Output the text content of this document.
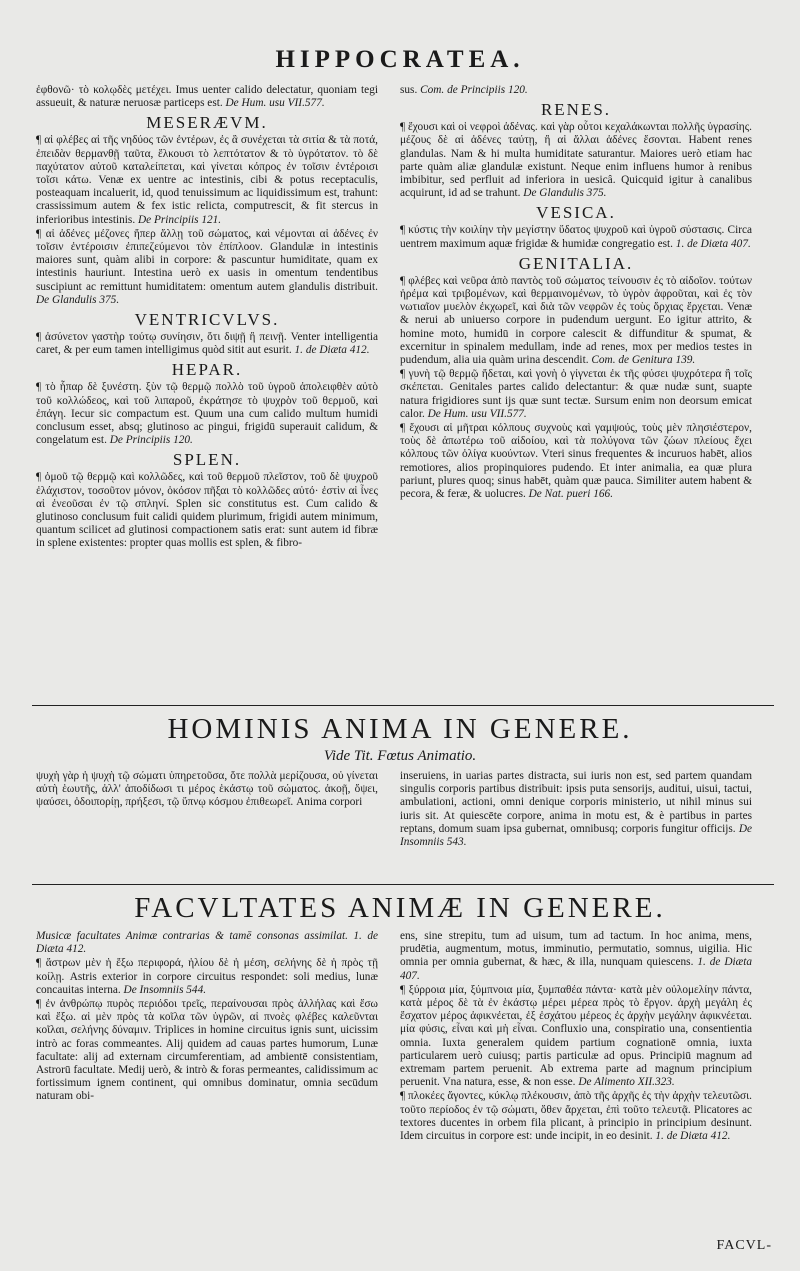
HIPPOCRATEA.

ἐφθονῶ· τὸ κολῳδὲς μετέχει. Imus uenter calido delectatur, quoniam tegi assueuit, & naturæ neruosæ particeps est. De Hum. usu VII.577.

MESERÆVM.

¶ αἱ φλέβες αἱ τῆς νηδύος τῶν ἐντέρων, ἐς ἃ συνέχεται τὰ σιτία & τὰ ποτά, ἐπειδὰν θερμανθῇ ταῦτα, ἕλκουσι τὸ λεπτότατον & τὸ ὑγρότατον. τὸ δὲ παχύτατον αὐτοῦ καταλείπεται, καὶ γίνεται κόπρος ἐν τοῖσιν ἐντέροισι τοῖσι κάτω. Venæ ex uentre ac intestinis, cibi & potus receptaculis, posteaquam incaluerit, id, quod tenuissimum ac liquidissimum est, trahunt: crassissimum autem & fex istic relicta, computrescit, & fit stercus in inferioribus intestinis. De Principiis 121.

¶ αἱ ἀδένες μέζονες ἤπερ ἄλλῃ τοῦ σώματος, καὶ νέμονται αἱ ἀδένες ἐν τοῖσιν ἐντέροισιν ἐπιπεζεύμενοι τὸν ἐπίπλοον. Glandulæ in intestinis maiores sunt, quàm alibi in corpore: & pascuntur humiditate, quam ex intestinis hauriunt. Intestina uerò ex uasis in omentum tendentibus suscipiunt ac remittunt humiditatem: omentum autem glandulis distribuit. De Glandulis 375.

VENTRICVLVS.

¶ ἀσύνετον γαστὴρ τούτῳ συνίησιν, ὅτι διψῇ ἢ πεινῇ. Venter intelligentia caret, & per eum tamen intelligimus quòd sitit aut esurit. 1. de Diæta 412.

HEPAR.

¶ τὸ ἧπαρ δὲ ξυνέστη. ξὺν τῷ θερμῷ πολλὸ τοῦ ὑγροῦ ἀπολειφθὲν αὐτὸ τοῦ κολλώδεος, καὶ τοῦ λιπαροῦ, ἐκράτησε τὸ ψυχρὸν τοῦ θερμοῦ, καὶ ἐπάγη. Iecur sic compactum est. Quum una cum calido multum humidi conclusum esset, absq; glutinoso ac pingui, frigidū superauit calidum, & congelatum est. De Principiis 120.

SPLEN.

¶ ὁμοῦ τῷ θερμῷ καὶ κολλῶδες, καὶ τοῦ θερμοῦ πλεῖστον, τοῦ δὲ ψυχροῦ ἐλάχιστον, τοσοῦτον μόνον, ὁκόσον πῆξαι τὸ κολλῶδες αὐτό· ἐστὶν αἱ ἶνες αἱ ἐνεοῦσαι ἐν τῷ σπληνί. Splen sic constitutus est. Cum calido & glutinoso conclusum fuit calidi quidem plurimum, frigidi autem minimum, quantum scilicet ad glutinosi compactionem satis erat: sunt autem id fibræ in splene existentes: propter quas mollis est splen, & fibro-

sus. Com. de Principiis 120.

RENES.

¶ ἔχουσι καὶ οἱ νεφροὶ ἀδένας. καὶ γὰρ οὗτοι κεχαλάκωνται πολλῆς ὑγρασίης. μέζους δὲ αἱ ἀδένες ταύτῃ, ἢ αἱ ἄλλαι ἀδένες ἔσονται. Habent renes glandulas. Nam & hi multa humiditate saturantur. Maiores uerò etiam hac parte quàm aliæ glandulæ existunt. Neque enim influens humor à renibus imbibitur, sed perfluit ad inferiora in uesicâ. Quicquid igitur à canalibus acquirunt, id ad se trahunt. De Glandulis 375.

VESICA.

¶ κύστις τὴν κοιλίην τὴν μεγίστην ὕδατος ψυχροῦ καὶ ὑγροῦ σύστασις. Circa uentrem maximum aquæ frigidæ & humidæ congregatio est. 1. de Diæta 407.

GENITALIA.

¶ φλέβες καὶ νεῦρα ἀπὸ παντὸς τοῦ σώματος τείνουσιν ἐς τὸ αἰδοῖον. τούτων ἠρέμα καὶ τριβομένων, καὶ θερμαινομένων, τὸ ὑγρὸν ἀφροῦται, καὶ ἐς τὸν νωτιαῖον μυελὸν ἐκχωρεῖ, καὶ διὰ τῶν νεφρῶν ἐς τοὺς ὄρχιας ἔρχεται. Venæ & nerui ab uniuerso corpore in pudendum uergunt. Eo igitur attrito, & homine moto, humidū in corpore calescit & diffunditur & spumat, & excernitur in spinalem medullam, inde ad renes, mox per medios testes in pudendum, alia uia quàm urina descendit. Com. de Genitura 139.

¶ γυνὴ τῷ θερμῷ ἥδεται, καὶ γονὴ ὁ γίγνεται ἐκ τῆς φύσει ψυχρότερα ἢ τοῖς σκέπεται. Genitales partes calido delectantur: & quæ nudæ sunt, suapte natura frigidiores sunt ijs quæ sunt tectæ. Sursum enim non deorsum emicat calor. De Hum. usu VII.577.

¶ ἔχουσι αἱ μῆτραι κόλπους συχνοὺς καὶ γαμψούς, τοὺς μὲν πλησιέστερον, τοὺς δὲ ἀπωτέρω τοῦ αἰδοίου, καὶ τὰ πολύγονα τῶν ζώων πλείους ἔχει κόλπους τῶν ὀλίγα κυούντων. Vteri sinus frequentes & incuruos habēt, alios remotiores, alios propinquiores pudendo. Et inter animalia, ea quæ plura pariunt, plures quoq; sinus habēt, quàm quæ pauca. Similiter autem habent & pecora, & feræ, & uolucres. De Nat. pueri 166.

HOMINIS ANIMA IN GENERE.
Vide Tit. Fœtus Animatio.

ψυχὴ γὰρ ἡ ψυχὴ τῷ σώματι ὑπηρετοῦσα, ὅτε πολλὰ μερίζουσα, οὐ γίνεται αὐτὴ ἑωυτῆς, ἀλλ' ἀποδίδωσι τι μέρος ἑκάστῳ τοῦ σώματος. ἀκοῇ, ὄψει, ψαύσει, ὁδοιπορίῃ, πρήξεσι, τῷ ὕπνῳ κόσμου ἐπιθεωρεῖ. Anima corpori

inseruiens, in uarias partes distracta, sui iuris non est, sed partem quandam singulis corporis partibus distribuit: ipsis puta sensorijs, auditui, uisui, tactui, ambulationi, actioni, omni denique corporis ministerio, ut nihil minus sui iuris sit. At quiescēte corpore, anima in motu est, & è partibus in partes reptans, domum suam ipsa gubernat, omnibusq; corporis fungitur officijs. De Insomniis 543.

FACVLTATES ANIMÆ IN GENERE.

Musicæ facultates Animæ contrarias & tamē consonas assimilat. 1. de Diæta 412.

¶ ἄστρων μὲν ἡ ἔξω περιφορά, ἡλίου δὲ ἡ μέση, σελήνης δὲ ἡ πρὸς τῇ κοίλῃ. Astris exterior in corpore circuitus respondet: soli medius, lunæ concauitas interna. De Insomniis 544.

¶ ἐν ἀνθρώπῳ πυρὸς περιόδοι τρεῖς, περαίνουσαι πρὸς ἀλλήλας καὶ ἔσω καὶ ἔξω. αἱ μὲν πρὸς τὰ κοῖλα τῶν ὑγρῶν, αἱ πνοὲς φλέβες καλεῦνται κοῖλαι, σελήνης δύναμιν. Triplices in homine circuitus ignis sunt, uicissim intrò ac foras commeantes. Alij quidem ad cauas partes humorum, Lunæ facultate: alij ad externam circumferentiam, ad ambientē consistentiam, Astrorū facultate. Medij uerò, & intrò & foras permeantes, calidissimum ac fortissimum ignem continent, qui omnibus dominatur, omnia secūdum naturam obi-

ens, sine strepitu, tum ad uisum, tum ad tactum. In hoc anima, mens, prudētia, augmentum, motus, imminutio, permutatio, somnus, uigilia. Hic omnia per omnia gubernat, & hæc, & illa, nunquam quiescens. 1. de Diæta 407.

¶ ξύρροια μία, ξύμπνοια μία, ξυμπαθέα πάντα· κατὰ μὲν οὐλομελίην πάντα, κατὰ μέρος δὲ τὰ ἐν ἑκάστῳ μέρει μέρεα πρὸς τὸ ἔργον. ἀρχὴ μεγάλη ἐς ἔσχατον μέρος ἀφικνέεται, ἐξ ἐσχάτου μέρεος ἐς ἀρχὴν μεγάλην ἀφικνέεται. μία φύσις, εἶναι καὶ μὴ εἶναι. Confluxio una, conspiratio una, consentientia omnia. Iuxta generalem quidem partium cognationē omnia, iuxta particularem uerò cuiusq; partis particulæ ad opus. Principiū magnum ad extremam partem peruenit. Ab extrema parte ad magnum principium peruenit. Vna natura, esse, & non esse. De Alimento XII.323.

¶ πλοκέες ἄγοντες, κύκλῳ πλέκουσιν, ἀπὸ τῆς ἀρχῆς ἐς τὴν ἀρχὴν τελευτῶσι. τοῦτο περίοδος ἐν τῷ σώματι, ὅθεν ἄρχεται, ἐπὶ τοῦτο τελευτᾷ. Plicatores ac textores ducentes in orbem fila plicant, à principio in principium desinunt. Idem circuitus in corpore est: unde incipit, in eo desinit. 1. de Diæta 412.

FACVL-
